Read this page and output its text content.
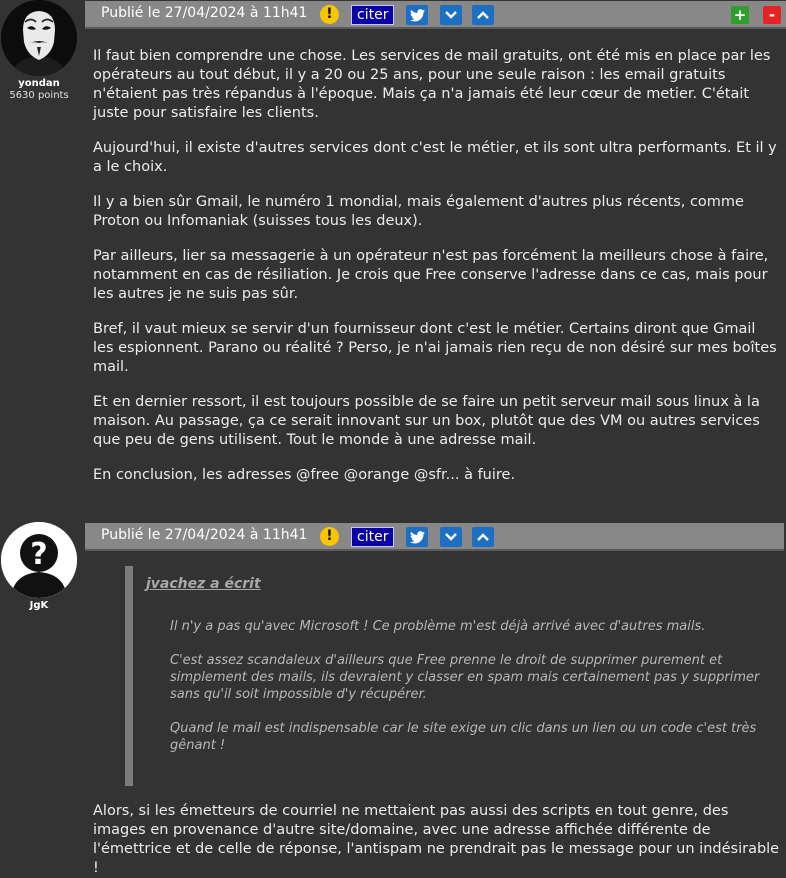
yondan
5630 points
Publié le 27/04/2024 à 11h41	!	citer	+	-

Il faut bien comprendre une chose. Les services de mail gratuits, ont été mis en place par les opérateurs au tout début, il y a 20 ou 25 ans, pour une seule raison : les email gratuits n'étaient pas très répandus à l'époque. Mais ça n'a jamais été leur cœur de metier. C'était juste pour satisfaire les clients.

Aujourd'hui, il existe d'autres services dont c'est le métier, et ils sont ultra performants. Et il y a le choix.

Il y a bien sûr Gmail, le numéro 1 mondial, mais également d'autres plus récents, comme Proton ou Infomaniak (suisses tous les deux).

Par ailleurs, lier sa messagerie à un opérateur n'est pas forcément la meilleurs chose à faire, notamment en cas de résiliation. Je crois que Free conserve l'adresse dans ce cas, mais pour les autres je ne suis pas sûr.

Bref, il vaut mieux se servir d'un fournisseur dont c'est le métier. Certains diront que Gmail les espionnent. Parano ou réalité ? Perso, je n'ai jamais rien reçu de non désiré sur mes boîtes mail.

Et en dernier ressort, il est toujours possible de se faire un petit serveur mail sous linux à la maison. Au passage, ça ce serait innovant sur un box, plutôt que des VM ou autres services que peu de gens utilisent. Tout le monde à une adresse mail.

En conclusion, les adresses @free @orange @sfr... à fuire.

?
JgK
Publié le 27/04/2024 à 11h41	!	citer
jvachez a écrit

Il n'y a pas qu'avec Microsoft ! Ce problème m'est déjà arrivé avec d'autres mails.

C'est assez scandaleux d'ailleurs que Free prenne le droit de supprimer purement et simplement des mails, ils devraient y classer en spam mais certainement pas y supprimer sans qu'il soit impossible d'y récupérer.

Quand le mail est indispensable car le site exige un clic dans un lien ou un code c'est très gênant !

Alors, si les émetteurs de courriel ne mettaient pas aussi des scripts en tout genre, des images en provenance d'autre site/domaine, avec une adresse affichée différente de l'émettrice et de celle de réponse, l'antispam ne prendrait pas le message pour un indésirable !
